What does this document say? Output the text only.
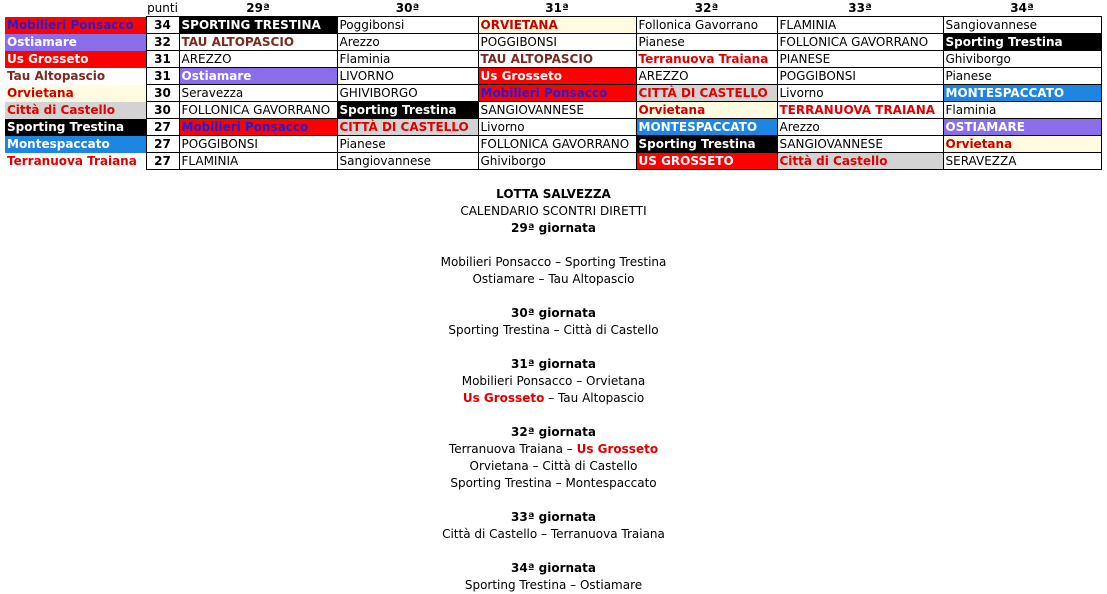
	punti	29ª	30ª	31ª	32ª	33ª	34ª
Mobilieri Ponsacco	34	SPORTING TRESTINA	Poggibonsi	ORVIETANA	Follonica Gavorrano	FLAMINIA	Sangiovannese
Ostiamare	32	TAU ALTOPASCIO	Arezzo	POGGIBONSI	Pianese	FOLLONICA GAVORRANO	Sporting Trestina
Us Grosseto	31	AREZZO	Flaminia	TAU ALTOPASCIO	Terranuova Traiana	PIANESE	Ghiviborgo
Tau Altopascio	31	Ostiamare	LIVORNO	Us Grosseto	AREZZO	POGGIBONSI	Pianese
Orvietana	30	Seravezza	GHIVIBORGO	Mobilieri Ponsacco	CITTÀ DI CASTELLO	Livorno	MONTESPACCATO
Città di Castello	30	FOLLONICA GAVORRANO	Sporting Trestina	SANGIOVANNESE	Orvietana	TERRANUOVA TRAIANA	Flaminia
Sporting Trestina	27	Mobilieri Ponsacco	CITTÀ DI CASTELLO	Livorno	MONTESPACCATO	Arezzo	OSTIAMARE
Montespaccato	27	POGGIBONSI	Pianese	FOLLONICA GAVORRANO	Sporting Trestina	SANGIOVANNESE	Orvietana
Terranuova Traiana	27	FLAMINIA	Sangiovannese	Ghiviborgo	US GROSSETO	Città di Castello	SERAVEZZA

LOTTA SALVEZZA

CALENDARIO SCONTRI DIRETTI

29ª giornata

Mobilieri Ponsacco – Sporting Trestina

Ostiamare – Tau Altopascio

30ª giornata

Sporting Trestina – Città di Castello

31ª giornata

Mobilieri Ponsacco – Orvietana

Us Grosseto – Tau Altopascio

32ª giornata

Terranuova Traiana – Us Grosseto

Orvietana – Città di Castello

Sporting Trestina – Montespaccato

33ª giornata

Città di Castello – Terranuova Traiana

34ª giornata

Sporting Trestina – Ostiamare
